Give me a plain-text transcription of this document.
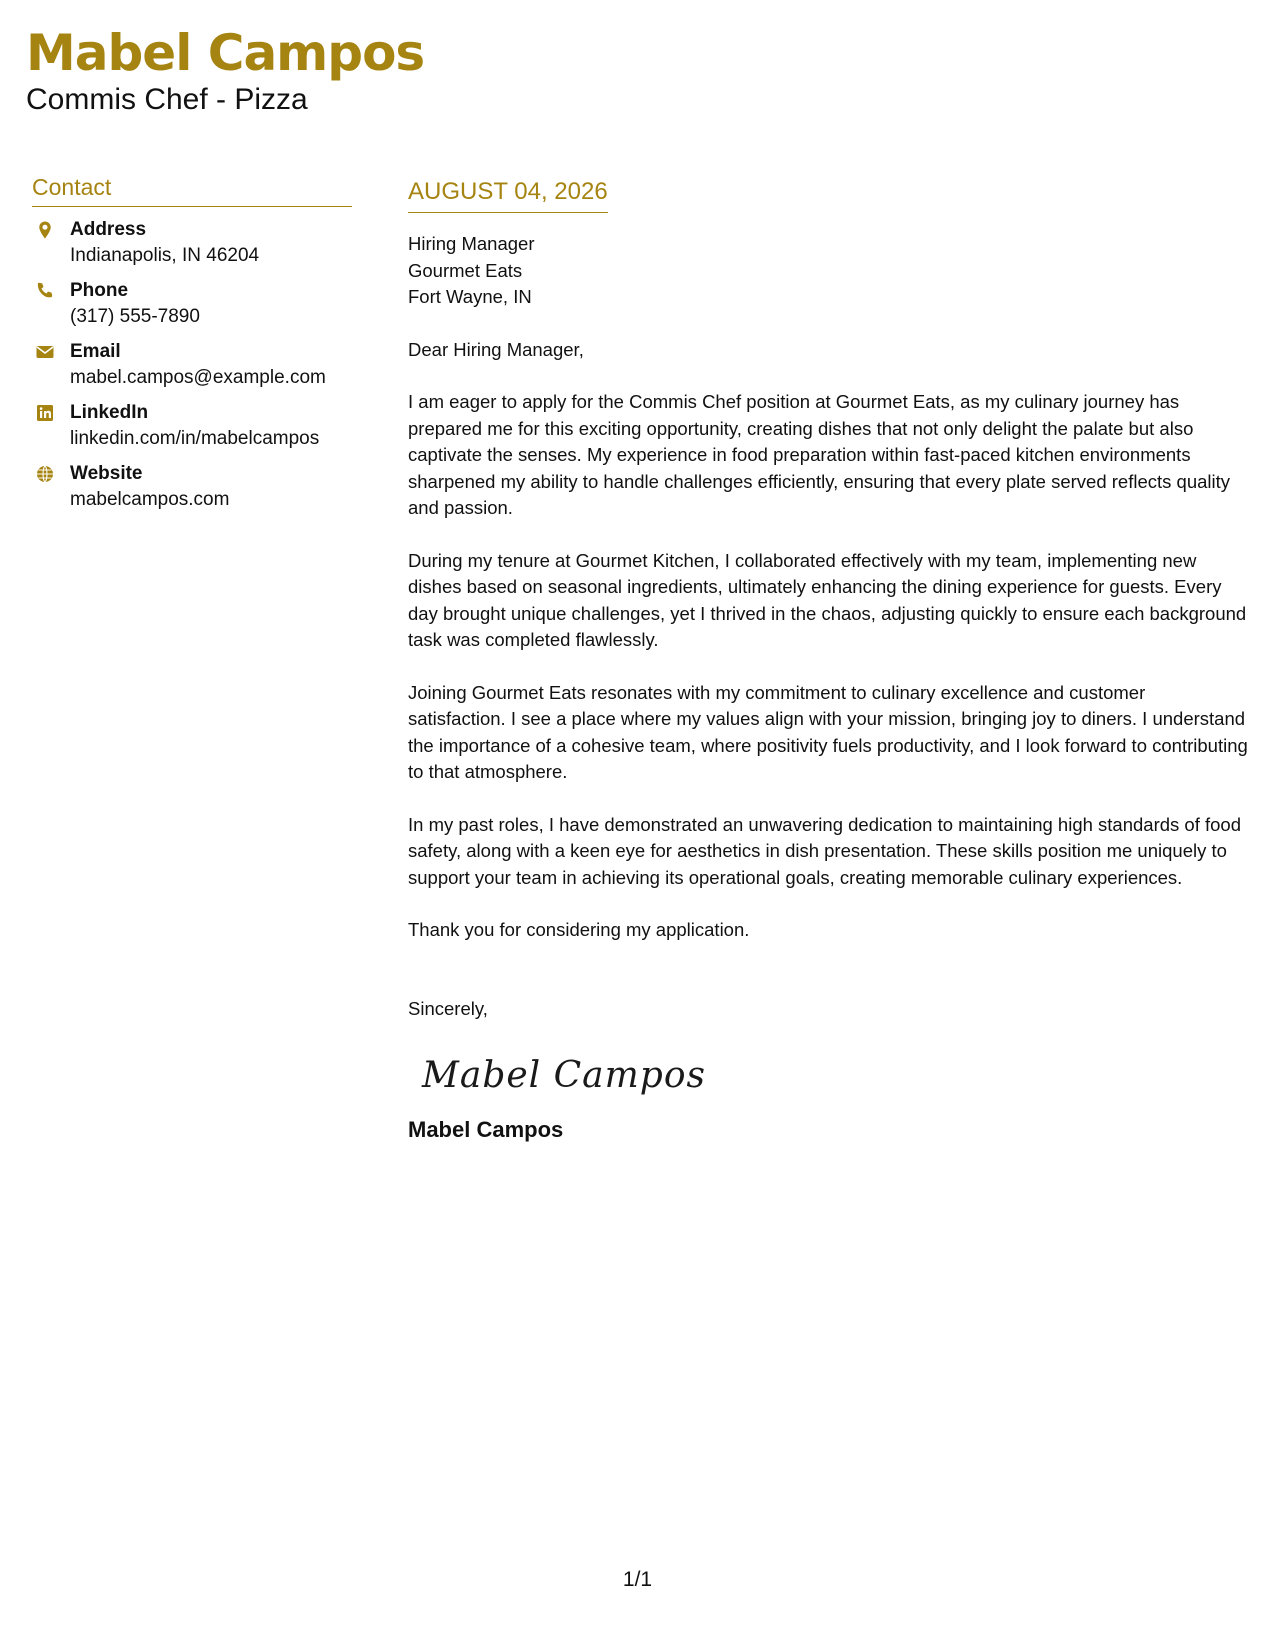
Mabel Campos
Commis Chef - Pizza
Contact
Address
Indianapolis, IN 46204
Phone
(317) 555-7890
Email
mabel.campos@example.com
LinkedIn
linkedin.com/in/mabelcampos
Website
mabelcampos.com
AUGUST 04, 2026
Hiring Manager
Gourmet Eats
Fort Wayne, IN
Dear Hiring Manager,
I am eager to apply for the Commis Chef position at Gourmet Eats, as my culinary journey has prepared me for this exciting opportunity, creating dishes that not only delight the palate but also captivate the senses. My experience in food preparation within fast-paced kitchen environments sharpened my ability to handle challenges efficiently, ensuring that every plate served reflects quality and passion.
During my tenure at Gourmet Kitchen, I collaborated effectively with my team, implementing new dishes based on seasonal ingredients, ultimately enhancing the dining experience for guests. Every day brought unique challenges, yet I thrived in the chaos, adjusting quickly to ensure each background task was completed flawlessly.
Joining Gourmet Eats resonates with my commitment to culinary excellence and customer satisfaction. I see a place where my values align with your mission, bringing joy to diners. I understand the importance of a cohesive team, where positivity fuels productivity, and I look forward to contributing to that atmosphere.
In my past roles, I have demonstrated an unwavering dedication to maintaining high standards of food safety, along with a keen eye for aesthetics in dish presentation. These skills position me uniquely to support your team in achieving its operational goals, creating memorable culinary experiences.
Thank you for considering my application.
Sincerely,
Mabel Campos
Mabel Campos
1/1
